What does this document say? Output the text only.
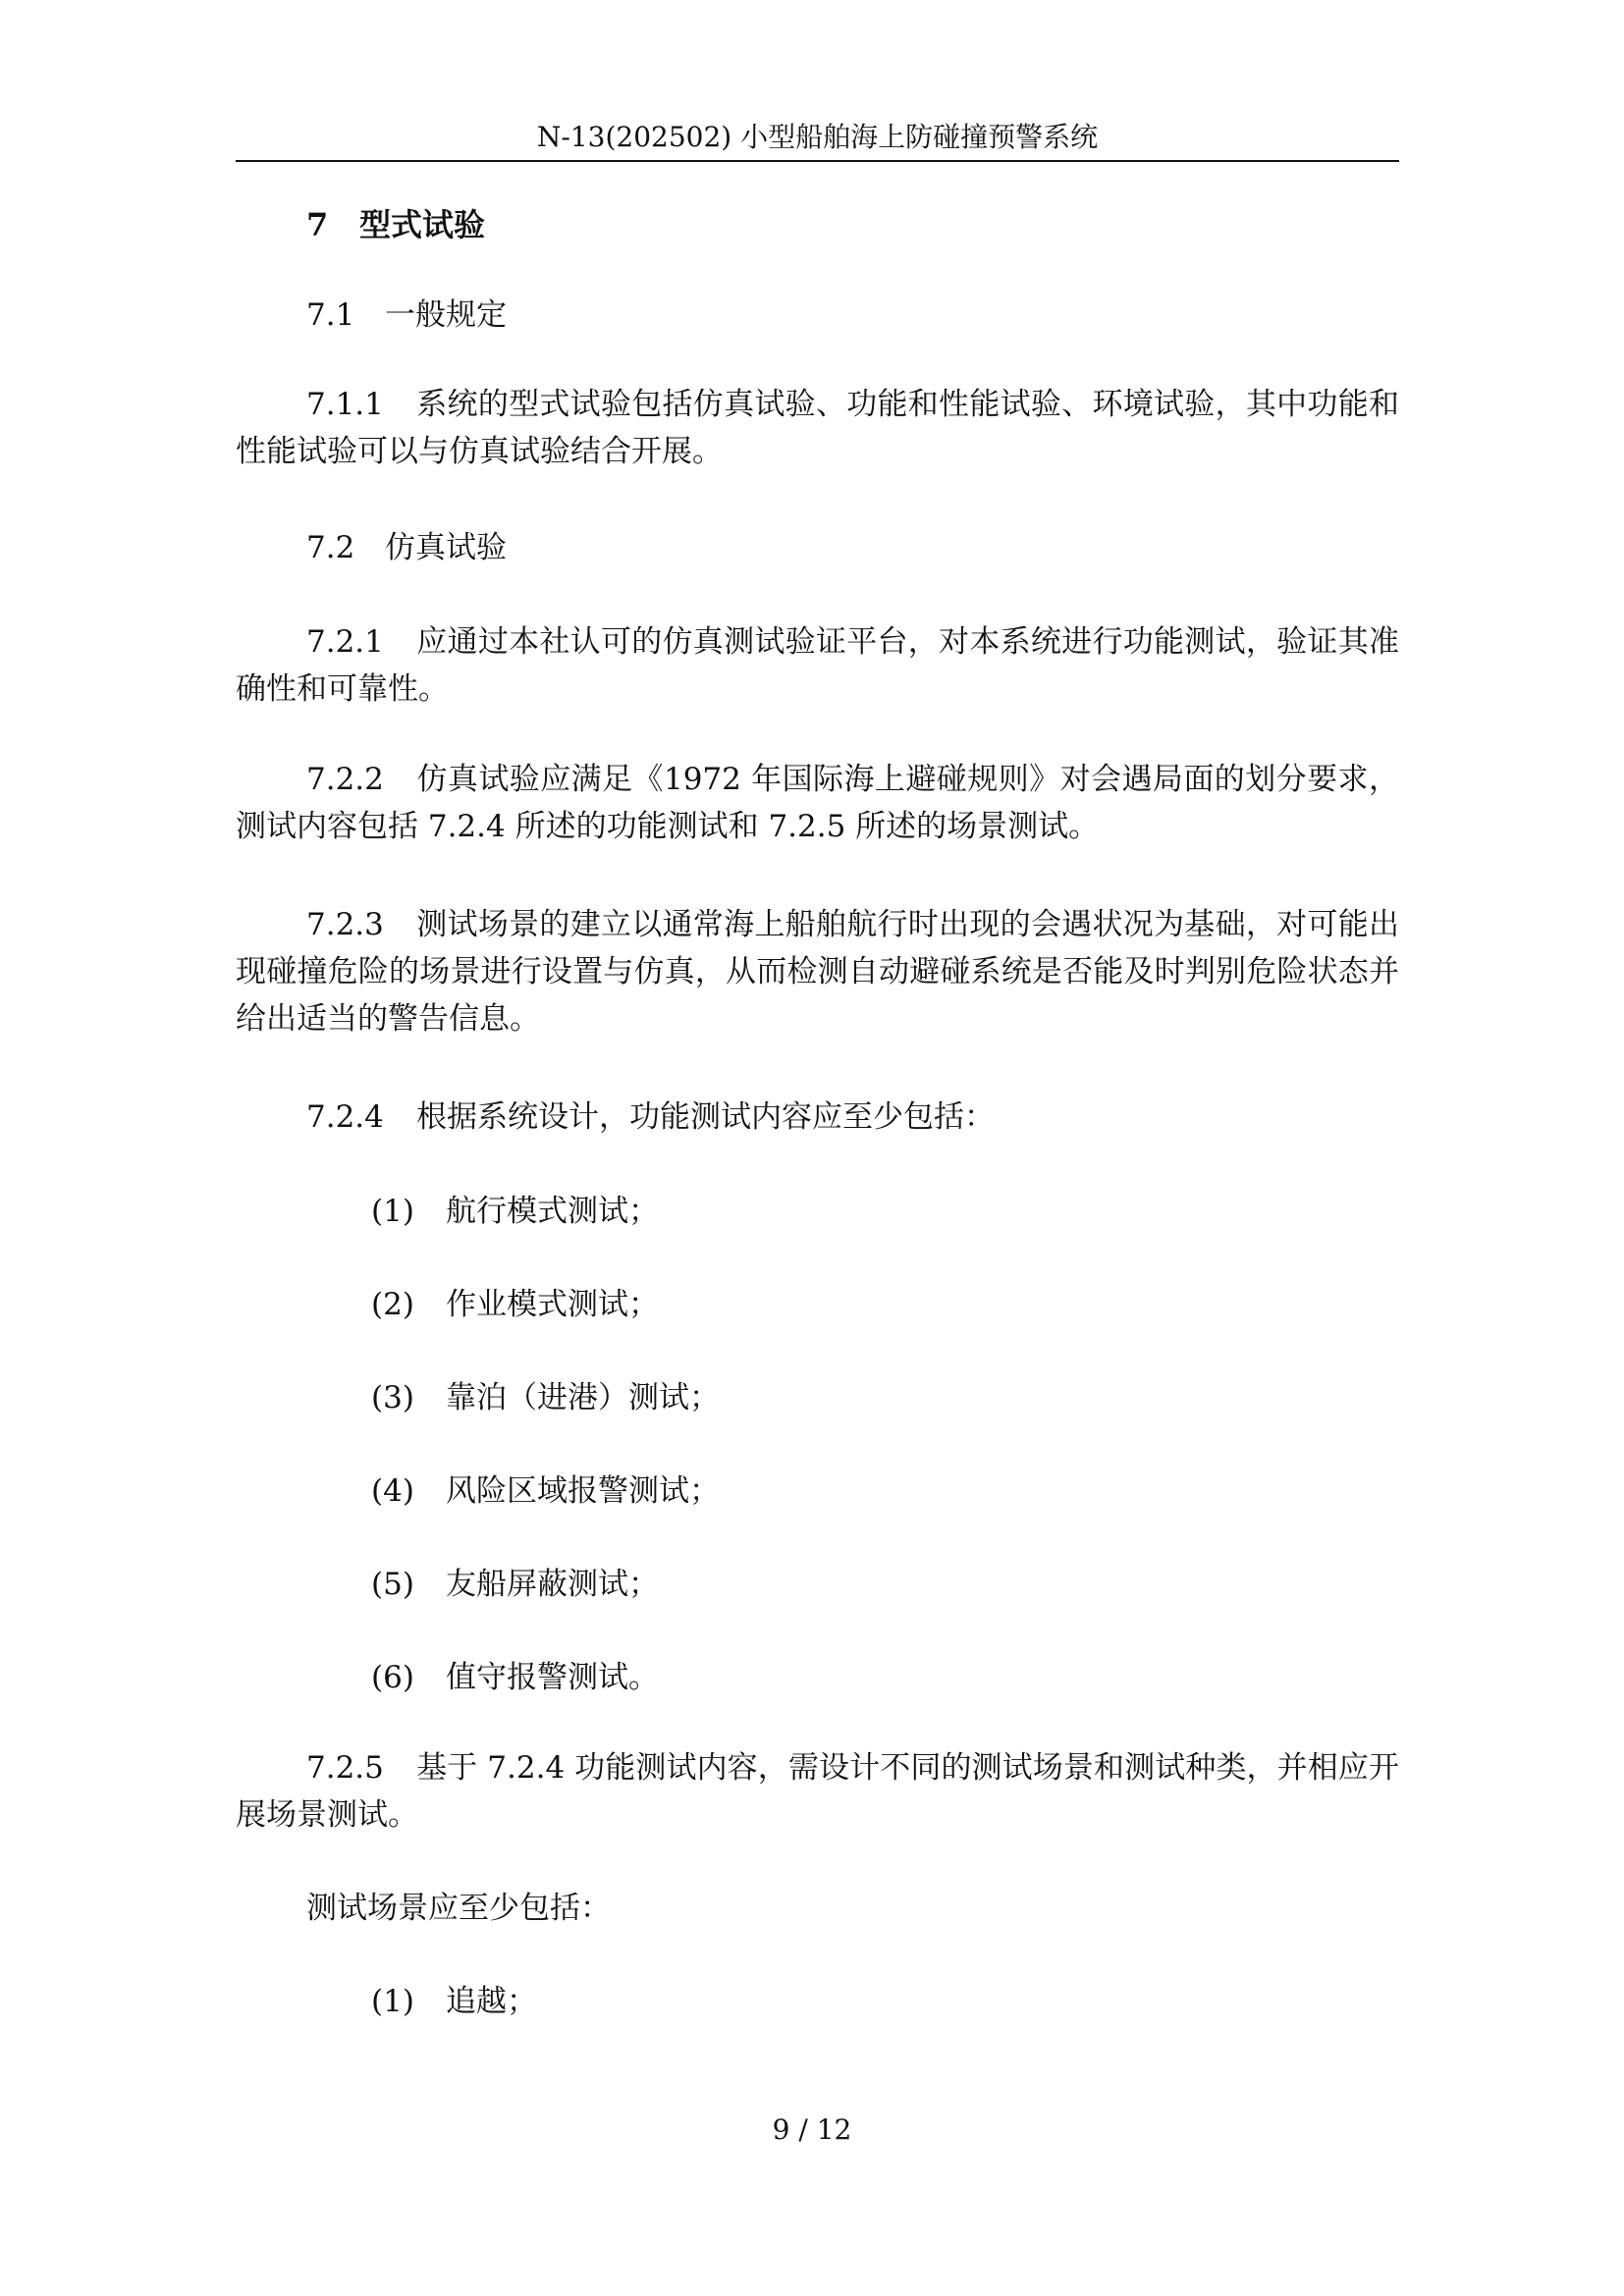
N-13(202502) 小型船舶海上防碰撞预警系统
7 型式试验
7.1 一般规定
7.1.1 系统的型式试验包括仿真试验、功能和性能试验、环境试验，其中功能和性能试验可以与仿真试验结合开展。
7.2 仿真试验
7.2.1 应通过本社认可的仿真测试验证平台，对本系统进行功能测试，验证其准确性和可靠性。
7.2.2 仿真试验应满足《1972 年国际海上避碰规则》对会遇局面的划分要求，测试内容包括 7.2.4 所述的功能测试和 7.2.5 所述的场景测试。
7.2.3 测试场景的建立以通常海上船舶航行时出现的会遇状况为基础，对可能出现碰撞危险的场景进行设置与仿真，从而检测自动避碰系统是否能及时判别危险状态并给出适当的警告信息。
7.2.4 根据系统设计，功能测试内容应至少包括：
(1) 航行模式测试；
(2) 作业模式测试；
(3) 靠泊（进港）测试；
(4) 风险区域报警测试；
(5) 友船屏蔽测试；
(6) 值守报警测试。
7.2.5 基于 7.2.4 功能测试内容，需设计不同的测试场景和测试种类，并相应开展场景测试。
测试场景应至少包括：
(1) 追越；
9 / 12
